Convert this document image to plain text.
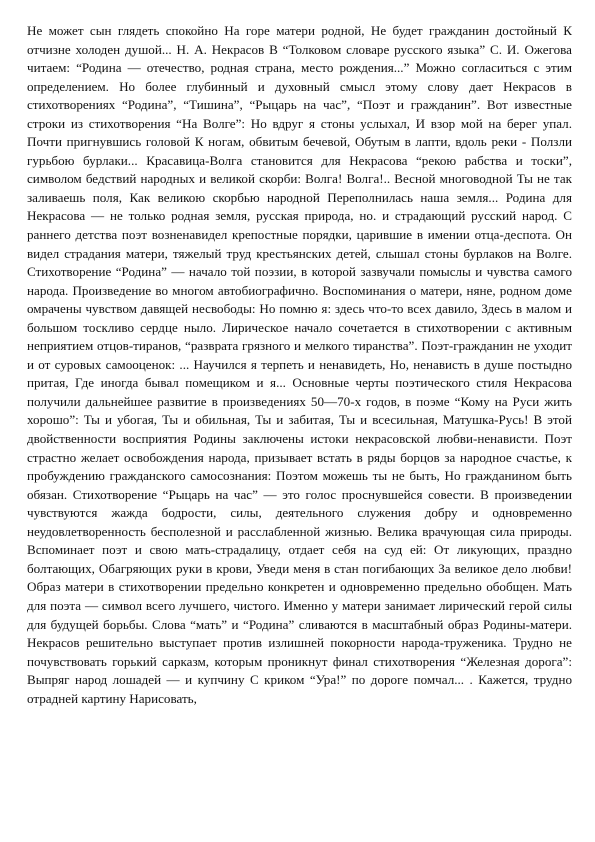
Не может сын глядеть спокойно На горе матери родной, Не будет гражданин достойный К отчизне холоден душой... Н. А. Некрасов В “Толковом словаре русского языка” С. И. Ожегова читаем: “Родина — отечество, родная страна, место рождения...” Можно согласиться с этим определением. Но более глубинный и духовный смысл этому слову дает Некрасов в стихотворениях “Родина”, “Тишина”, “Рыцарь на час”, “Поэт и гражданин”. Вот известные строки из стихотворения “На Волге”: Но вдруг я стоны услыхал, И взор мой на берег упал. Почти пригнувшись головой К ногам, обвитым бечевой, Обутым в лапти, вдоль реки - Ползли гурьбою бурлаки... Красавица-Волга становится для Некрасова “рекою рабства и тоски”, символом бедствий народных и великой скорби: Волга! Волга!.. Весной многоводной Ты не так заливаешь поля, Как великою скорбью народной Переполнилась наша земля... Родина для Некрасова — не только родная земля, русская природа, но. и страдающий русский народ. С раннего детства поэт возненавидел крепостные порядки, царившие в имении отца-деспота. Он видел страдания матери, тяжелый труд крестьянских детей, слышал стоны бурлаков на Волге. Стихотворение “Родина” — начало той поэзии, в которой зазвучали помыслы и чувства самого народа. Произведение во многом автобиографично. Воспоминания о матери, няне, родном доме омрачены чувством давящей несвободы: Но помню я: здесь что-то всех давило, Здесь в малом и большом тоскливо сердце ныло. Лирическое начало сочетается в стихотворении с активным неприятием отцов-тиранов, “разврата грязного и мелкого тиранства”. Поэт-гражданин не уходит и от суровых самооценок: ... Научился я терпеть и ненавидеть, Но, ненависть в душе постыдно притая, Где иногда бывал помещиком и я... Основные черты поэтического стиля Некрасова получили дальнейшее развитие в произведениях 50—70-х годов, в поэме “Кому на Руси жить хорошо”: Ты и убогая, Ты и обильная, Ты и забитая, Ты и всесильная, Матушка-Русь! В этой двойственности восприятия Родины заключены истоки некрасовской любви-ненависти. Поэт страстно желает освобождения народа, призывает встать в ряды борцов за народное счастье, к пробуждению гражданского самосознания: Поэтом можешь ты не быть, Но гражданином быть обязан. Стихотворение “Рыцарь на час” — это голос проснувшейся совести. В произведении чувствуются жажда бодрости, силы, деятельного служения добру и одновременно неудовлетворенность бесполезной и расслабленной жизнью. Велика врачующая сила природы. Вспоминает поэт и свою мать-страдалицу, отдает себя на суд ей: От ликующих, праздно болтающих, Обагряющих руки в крови, Уведи меня в стан погибающих За великое дело любви! Образ матери в стихотворении предельно конкретен и одновременно предельно обобщен. Мать для поэта — символ всего лучшего, чистого. Именно у матери занимает лирический герой силы для будущей борьбы. Слова “мать” и “Родина” сливаются в масштабный образ Родины-матери. Некрасов решительно выступает против излишней покорности народа-труженика. Трудно не почувствовать горький сарказм, которым проникнут финал стихотворения “Железная дорога”: Выпряг народ лошадей — и купчину С криком “Ура!” по дороге помчал... . Кажется, трудно отрадней картину Нарисовать,
